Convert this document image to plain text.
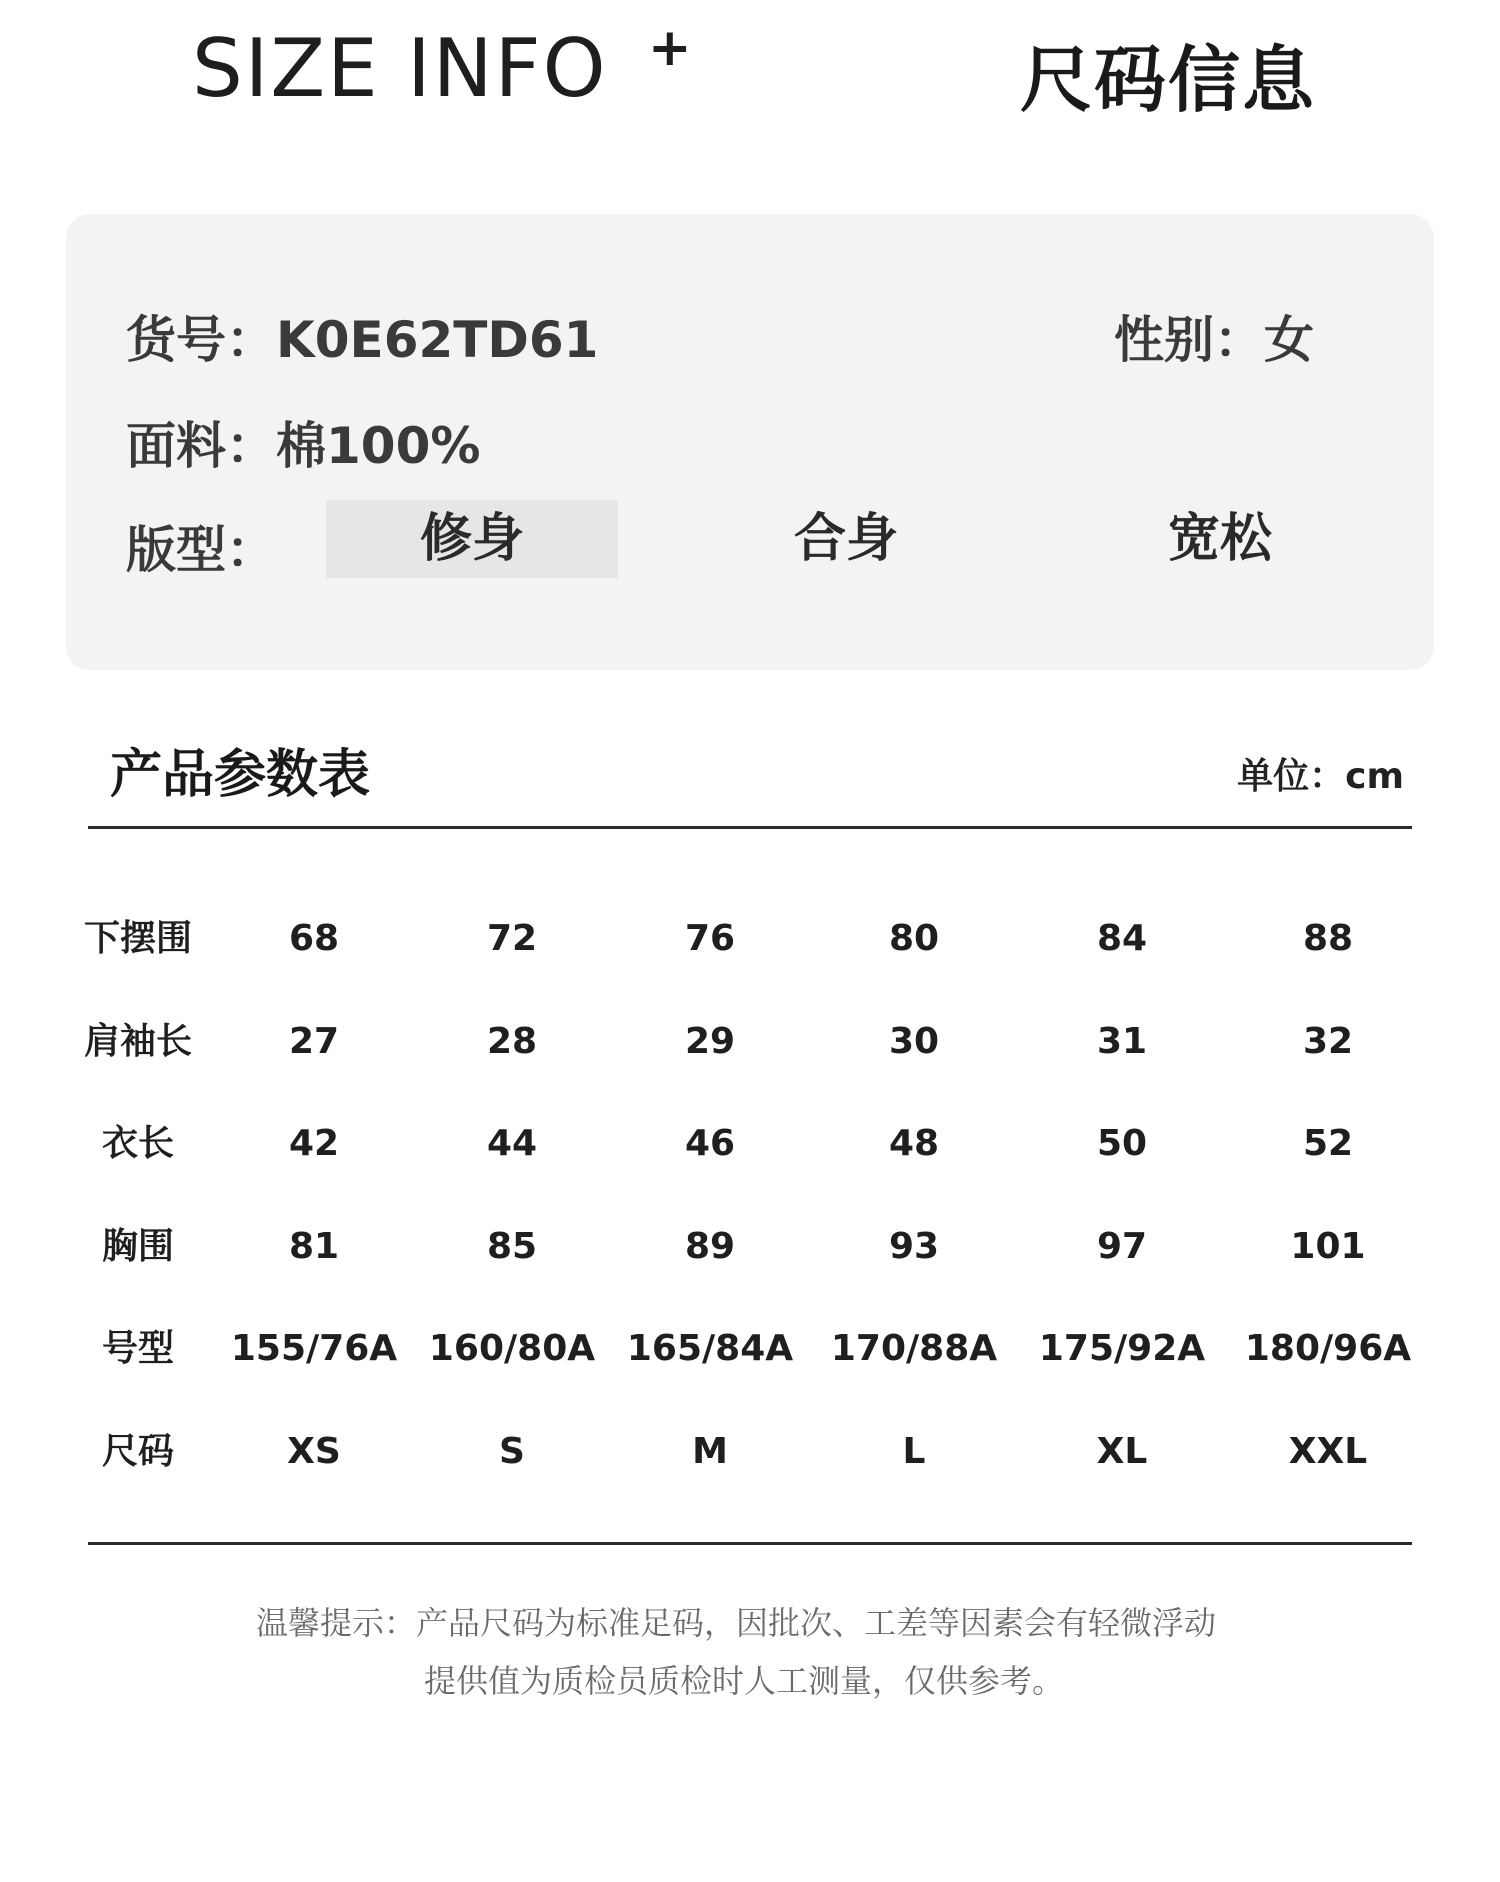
SIZE INFO +	尺码信息
货号：K0E62TD61	性别：女
面料：棉100%
版型：	修身	合身	宽松
产品参数表	单位：cm
下摆围	68	72	76	80	84	88
肩袖长	27	28	29	30	31	32
衣长	42	44	46	48	50	52
胸围	81	85	89	93	97	101
号型	155/76A 160/80A 165/84A	170/88A	175/92A	180/96A
尺码	XS	S	M	L	XL	XXL
温馨提示：产品尺码为标准足码，因批次、工差等因素会有轻微浮动
提供值为质检员质检时人工测量，仅供参考。
